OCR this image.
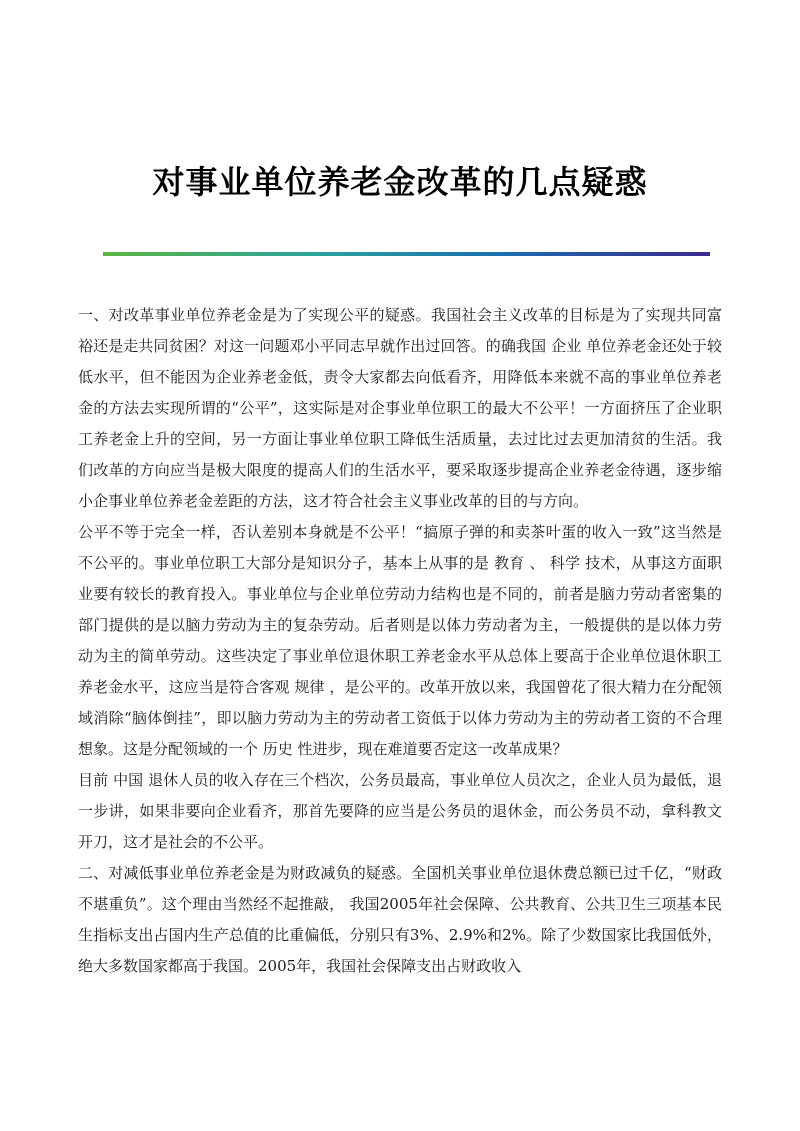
对事业单位养老金改革的几点疑惑

一、对改革事业单位养老金是为了实现公平的疑惑。我国社会主义改革的目标是为了实现共同富裕还是走共同贫困？对这一问题邓小平同志早就作出过回答。的确我国 企业 单位养老金还处于较低水平，但不能因为企业养老金低，责令大家都去向低看齐，用降低本来就不高的事业单位养老金的方法去实现所谓的“公平”，这实际是对企事业单位职工的最大不公平！一方面挤压了企业职工养老金上升的空间，另一方面让事业单位职工降低生活质量，去过比过去更加清贫的生活。我们改革的方向应当是极大限度的提高人们的生活水平，要采取逐步提高企业养老金待遇，逐步缩小企事业单位养老金差距的方法，这才符合社会主义事业改革的目的与方向。

公平不等于完全一样，否认差别本身就是不公平！“搞原子弹的和卖茶叶蛋的收入一致”这当然是不公平的。事业单位职工大部分是知识分子，基本上从事的是 教育 、 科学 技术，从事这方面职业要有较长的教育投入。事业单位与企业单位劳动力结构也是不同的，前者是脑力劳动者密集的部门提供的是以脑力劳动为主的复杂劳动。后者则是以体力劳动者为主，一般提供的是以体力劳动为主的简单劳动。这些决定了事业单位退休职工养老金水平从总体上要高于企业单位退休职工养老金水平，这应当是符合客观 规律 ，是公平的。改革开放以来，我国曾花了很大精力在分配领域消除“脑体倒挂”，即以脑力劳动为主的劳动者工资低于以体力劳动为主的劳动者工资的不合理想象。这是分配领域的一个 历史 性进步，现在难道要否定这一改革成果？

目前 中国 退休人员的收入存在三个档次，公务员最高，事业单位人员次之，企业人员为最低，退一步讲，如果非要向企业看齐，那首先要降的应当是公务员的退休金，而公务员不动，拿科教文开刀，这才是社会的不公平。

二、对减低事业单位养老金是为财政减负的疑惑。全国机关事业单位退休费总额已过千亿，“财政不堪重负”。这个理由当然经不起推敲， 我国2005年社会保障、公共教育、公共卫生三项基本民生指标支出占国内生产总值的比重偏低，分别只有3%、2.9%和2%。除了少数国家比我国低外，绝大多数国家都高于我国。2005年，我国社会保障支出占财政收入
